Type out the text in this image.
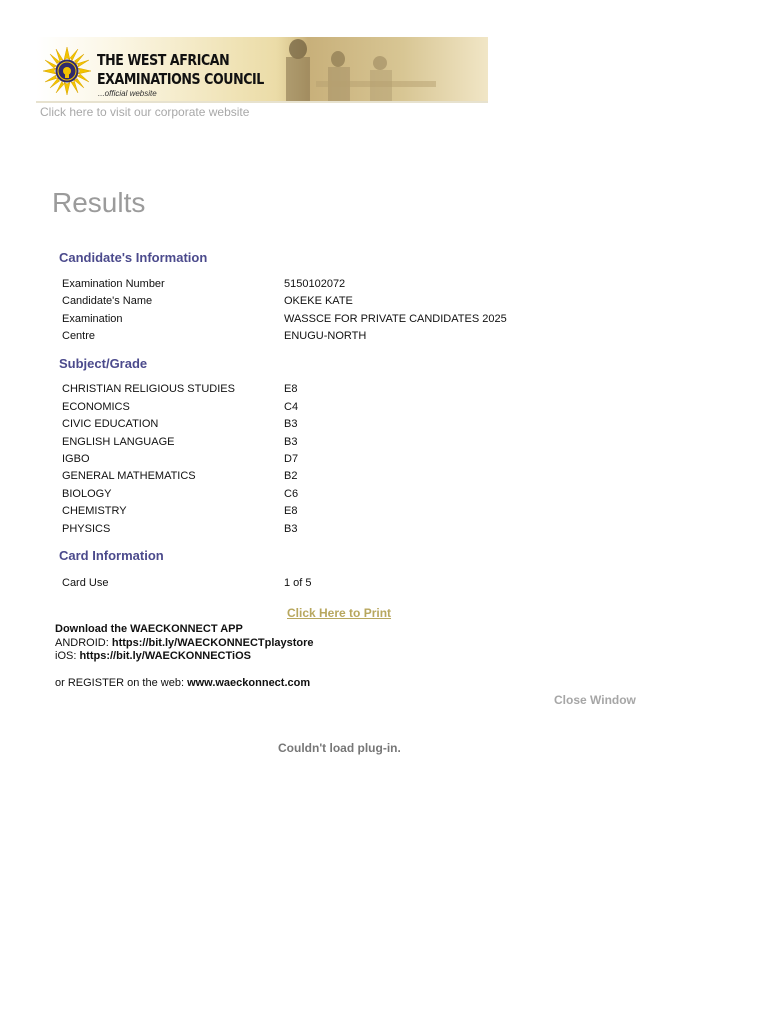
THE WEST AFRICAN
EXAMINATIONS COUNCIL
...official website
Click here to visit our corporate website
Results
Candidate's Information
Examination Number	5150102072
Candidate's Name	OKEKE KATE
Examination	WASSCE FOR PRIVATE CANDIDATES 2025
Centre	ENUGU-NORTH
Subject/Grade
CHRISTIAN RELIGIOUS STUDIES	E8
ECONOMICS	C4
CIVIC EDUCATION	B3
ENGLISH LANGUAGE	B3
IGBO	D7
GENERAL MATHEMATICS	B2
BIOLOGY	C6
CHEMISTRY	E8
PHYSICS	B3
Card Information
Card Use	1 of 5
Click Here to Print
Download the WAECKONNECT APP
ANDROID: https://bit.ly/WAECKONNECTplaystore
iOS: https://bit.ly/WAECKONNECTiOS
or REGISTER on the web: www.waeckonnect.com
Close Window
Couldn't load plug-in.
